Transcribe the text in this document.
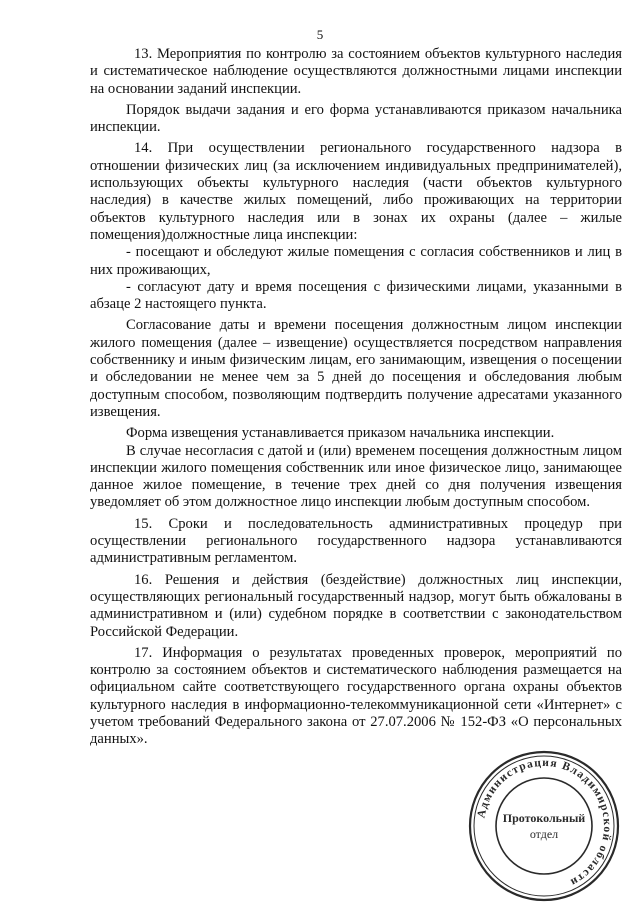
5

13. Мероприятия по контролю за состоянием объектов культурного наследия и систематическое наблюдение осуществляются должностными лицами инспекции на основании заданий инспекции.

Порядок выдачи задания и его форма устанавливаются приказом начальника инспекции.

14. При осуществлении регионального государственного надзора в отношении физических лиц (за исключением индивидуальных предпринимателей), использующих объекты культурного наследия (части объектов культурного наследия) в качестве жилых помещений, либо проживающих на территории объектов культурного наследия или в зонах их охраны (далее – жилые помещения)должностные лица инспекции:

- посещают и обследуют жилые помещения с согласия собственников и лиц в них проживающих,

- согласуют дату и время посещения с физическими лицами, указанными в абзаце 2 настоящего пункта.

Согласование даты и времени посещения должностным лицом инспекции жилого помещения (далее – извещение) осуществляется посредством направления собственнику и иным физическим лицам, его занимающим, извещения о посещении и обследовании не менее чем за 5 дней до посещения и обследования любым доступным способом, позволяющим подтвердить получение адресатами указанного извещения.

Форма извещения устанавливается приказом начальника инспекции.

В случае несогласия с датой и (или) временем посещения должностным лицом инспекции жилого помещения собственник или иное физическое лицо, занимающее данное жилое помещение, в течение трех дней со дня получения извещения уведомляет об этом должностное лицо инспекции любым доступным способом.

15. Сроки и последовательность административных процедур при осуществлении регионального государственного надзора устанавливаются административным регламентом.

16. Решения и действия (бездействие) должностных лиц инспекции, осуществляющих региональный государственный надзор, могут быть обжалованы в административном и (или) судебном порядке в соответствии с законодательством Российской Федерации.

17. Информация о результатах проведенных проверок, мероприятий по контролю за состоянием объектов и систематического наблюдения размещается на официальном сайте соответствующего государственного органа охраны объектов культурного наследия в информационно-телекоммуникационной сети «Интернет» с учетом требований Федерального закона от 27.07.2006 № 152-ФЗ «О персональных данных».

Администрация Владимирской области
Протокольный
отдел
